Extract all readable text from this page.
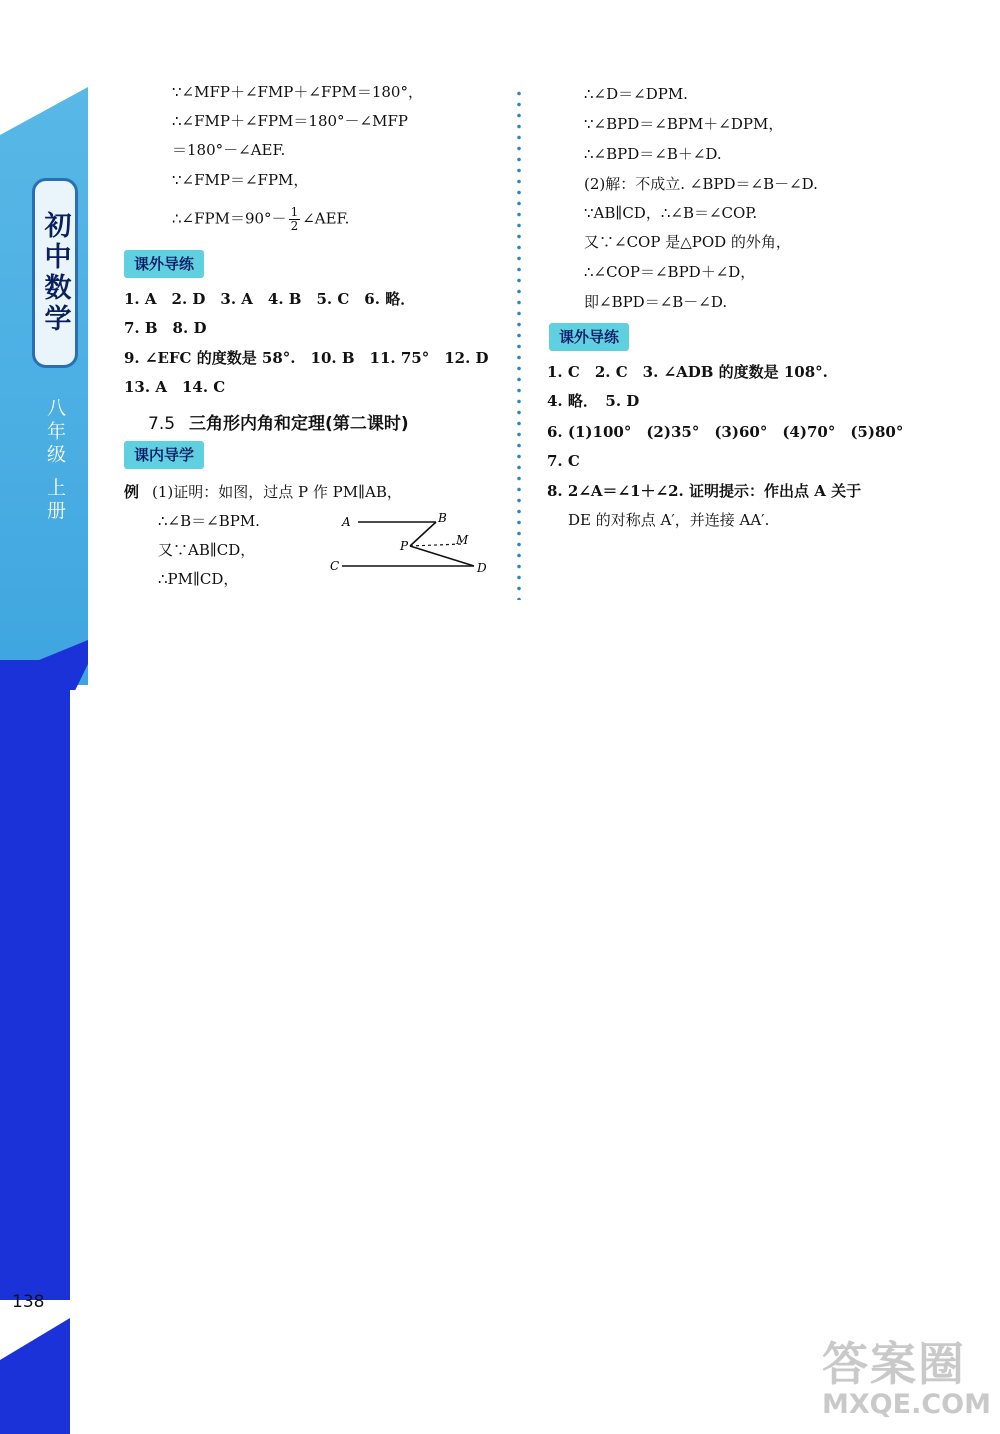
初中数学
八年级 上册
∵∠MFP＋∠FMP＋∠FPM＝180°，
∴∠FMP＋∠FPM＝180°－∠MFP
＝180°－∠AEF.
∵∠FMP＝∠FPM，
∴∠FPM＝90°－ $\frac{1}{2}$ ∠AEF.
课外导练
1. A　2. D　3. A　4. B　5. C　6. 略．
7. B　8. D
9. ∠EFC 的度数是 58°.　10. B　11. 75°　12. D
13. A　14. C
7.5 三角形内角和定理(第二课时)
课内导学
例 (1)证明：如图，过点 P 作 PM∥AB，
∴∠B＝∠BPM.
又∵AB∥CD，
∴PM∥CD，
A	B
P	M
C	D
∴∠D＝∠DPM.
∵∠BPD＝∠BPM＋∠DPM，
∴∠BPD＝∠B＋∠D.
(2)解：不成立. ∠BPD＝∠B－∠D.
∵AB∥CD，∴∠B＝∠COP.
又∵∠COP 是△POD 的外角，
∴∠COP＝∠BPD＋∠D，
即∠BPD＝∠B－∠D.
课外导练
1. C　2. C　3. ∠ADB 的度数是 108°.
4. 略．　5. D
6. (1)100°　(2)35°　(3)60°　(4)70°　(5)80°
7. C
8. 2∠A＝∠1＋∠2. 证明提示：作出点 A 关于
DE 的对称点 A′，并连接 AA′.
138
答案圈
MXQE.COM
